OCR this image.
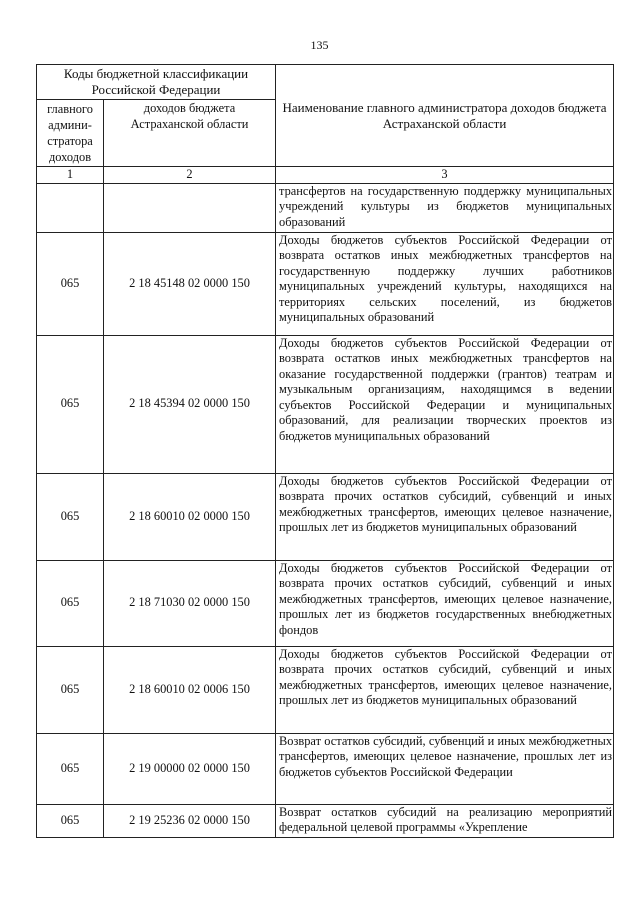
135
Коды бюджетной классификации Российской Федерации		Наименование главного администратора доходов бюджета Астраханской области
главного админи-стратора доходов	доходов бюджета Астраханской области	
1	2	3
		трансфертов на государственную поддержку муниципальных учреждений культуры из бюджетов муниципальных образований
065	2 18 45148 02 0000 150	Доходы бюджетов субъектов Российской Федерации от возврата остатков иных межбюджетных трансфертов на государственную поддержку лучших работников муниципальных учреждений культуры, находящихся на территориях сельских поселений, из бюджетов муниципальных образований
065	2 18 45394 02 0000 150	Доходы бюджетов субъектов Российской Федерации от возврата остатков иных межбюджетных трансфертов на оказание государственной поддержки (грантов) театрам и музыкальным организациям, находящимся в ведении субъектов Российской Федерации и муниципальных образований, для реализации творческих проектов из бюджетов муниципальных образований
065	2 18 60010 02 0000 150	Доходы бюджетов субъектов Российской Федерации от возврата прочих остатков субсидий, субвенций и иных межбюджетных трансфертов, имеющих целевое назначение, прошлых лет из бюджетов муниципальных образований
065	2 18 71030 02 0000 150	Доходы бюджетов субъектов Российской Федерации от возврата прочих остатков субсидий, субвенций и иных межбюджетных трансфертов, имеющих целевое назначение, прошлых лет из бюджетов государственных внебюджетных фондов
065	2 18 60010 02 0006 150	Доходы бюджетов субъектов Российской Федерации от возврата прочих остатков субсидий, субвенций и иных межбюджетных трансфертов, имеющих целевое назначение, прошлых лет из бюджетов муниципальных образований
065	2 19 00000 02 0000 150	Возврат остатков субсидий, субвенций и иных межбюджетных трансфертов, имеющих целевое назначение, прошлых лет из бюджетов субъектов Российской Федерации
065	2 19 25236 02 0000 150	Возврат остатков субсидий на реализацию мероприятий федеральной целевой программы «Укрепление
